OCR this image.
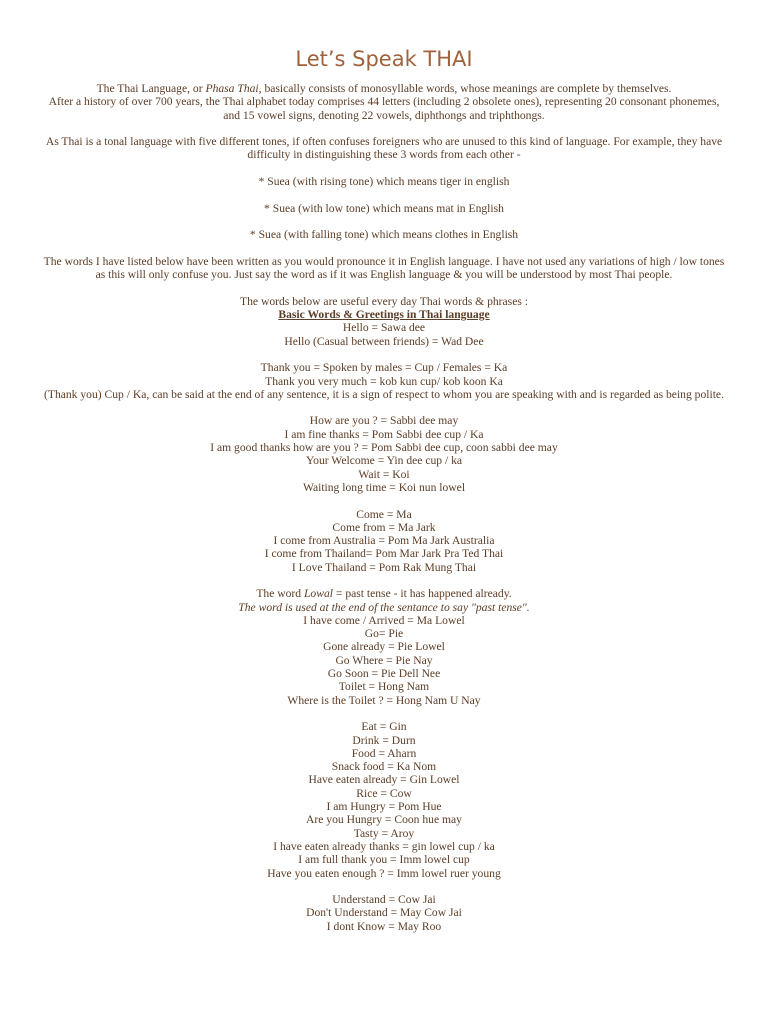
Let’s Speak THAI

The Thai Language, or Phasa Thai, basically consists of monosyllable words, whose meanings are complete by themselves.
After a history of over 700 years, the Thai alphabet today comprises 44 letters (including 2 obsolete ones), representing 20 consonant phonemes, and 15 vowel signs, denoting 22 vowels, diphthongs and triphthongs.

As Thai is a tonal language with five different tones, if often confuses foreigners who are unused to this kind of language. For example, they have difficulty in distinguishing these 3 words from each other -

* Suea (with rising tone) which means tiger in english

* Suea (with low tone) which means mat in English

* Suea (with falling tone) which means clothes in English

The words I have listed below have been written as you would pronounce it in English language. I have not used any variations of high / low tones as this will only confuse you. Just say the word as if it was English language & you will be understood by most Thai people.

The words below are useful every day Thai words & phrases :

Basic Words & Greetings in Thai language

Hello = Sawa dee

Hello (Casual between friends) = Wad Dee

Thank you = Spoken by males = Cup / Females = Ka

Thank you very much = kob kun cup/ kob koon Ka

(Thank you) Cup / Ka, can be said at the end of any sentence, it is a sign of respect to whom you are speaking with and is regarded as being polite.

How are you ? = Sabbi dee may

I am fine thanks = Pom Sabbi dee cup / Ka

I am good thanks how are you ? = Pom Sabbi dee cup, coon sabbi dee may

Your Welcome = Yin dee cup / ka

Wait = Koi

Waiting long time = Koi nun lowel

Come = Ma

Come from = Ma Jark

I come from Australia = Pom Ma Jark Australia

I come from Thailand= Pom Mar Jark Pra Ted Thai

I Love Thailand = Pom Rak Mung Thai

The word Lowal = past tense - it has happened already.

The word is used at the end of the sentance to say "past tense".

I have come / Arrived = Ma Lowel

Go= Pie

Gone already = Pie Lowel

Go Where = Pie Nay

Go Soon = Pie Dell Nee

Toilet = Hong Nam

Where is the Toilet ? = Hong Nam U Nay

Eat = Gin

Drink = Durn

Food = Aharn

Snack food = Ka Nom

Have eaten already = Gin Lowel

Rice = Cow

I am Hungry = Pom Hue

Are you Hungry = Coon hue may

Tasty = Aroy

I have eaten already thanks = gin lowel cup / ka

I am full thank you = Imm lowel cup

Have you eaten enough ? = Imm lowel ruer young

Understand = Cow Jai

Don't Understand = May Cow Jai

I dont Know = May Roo
